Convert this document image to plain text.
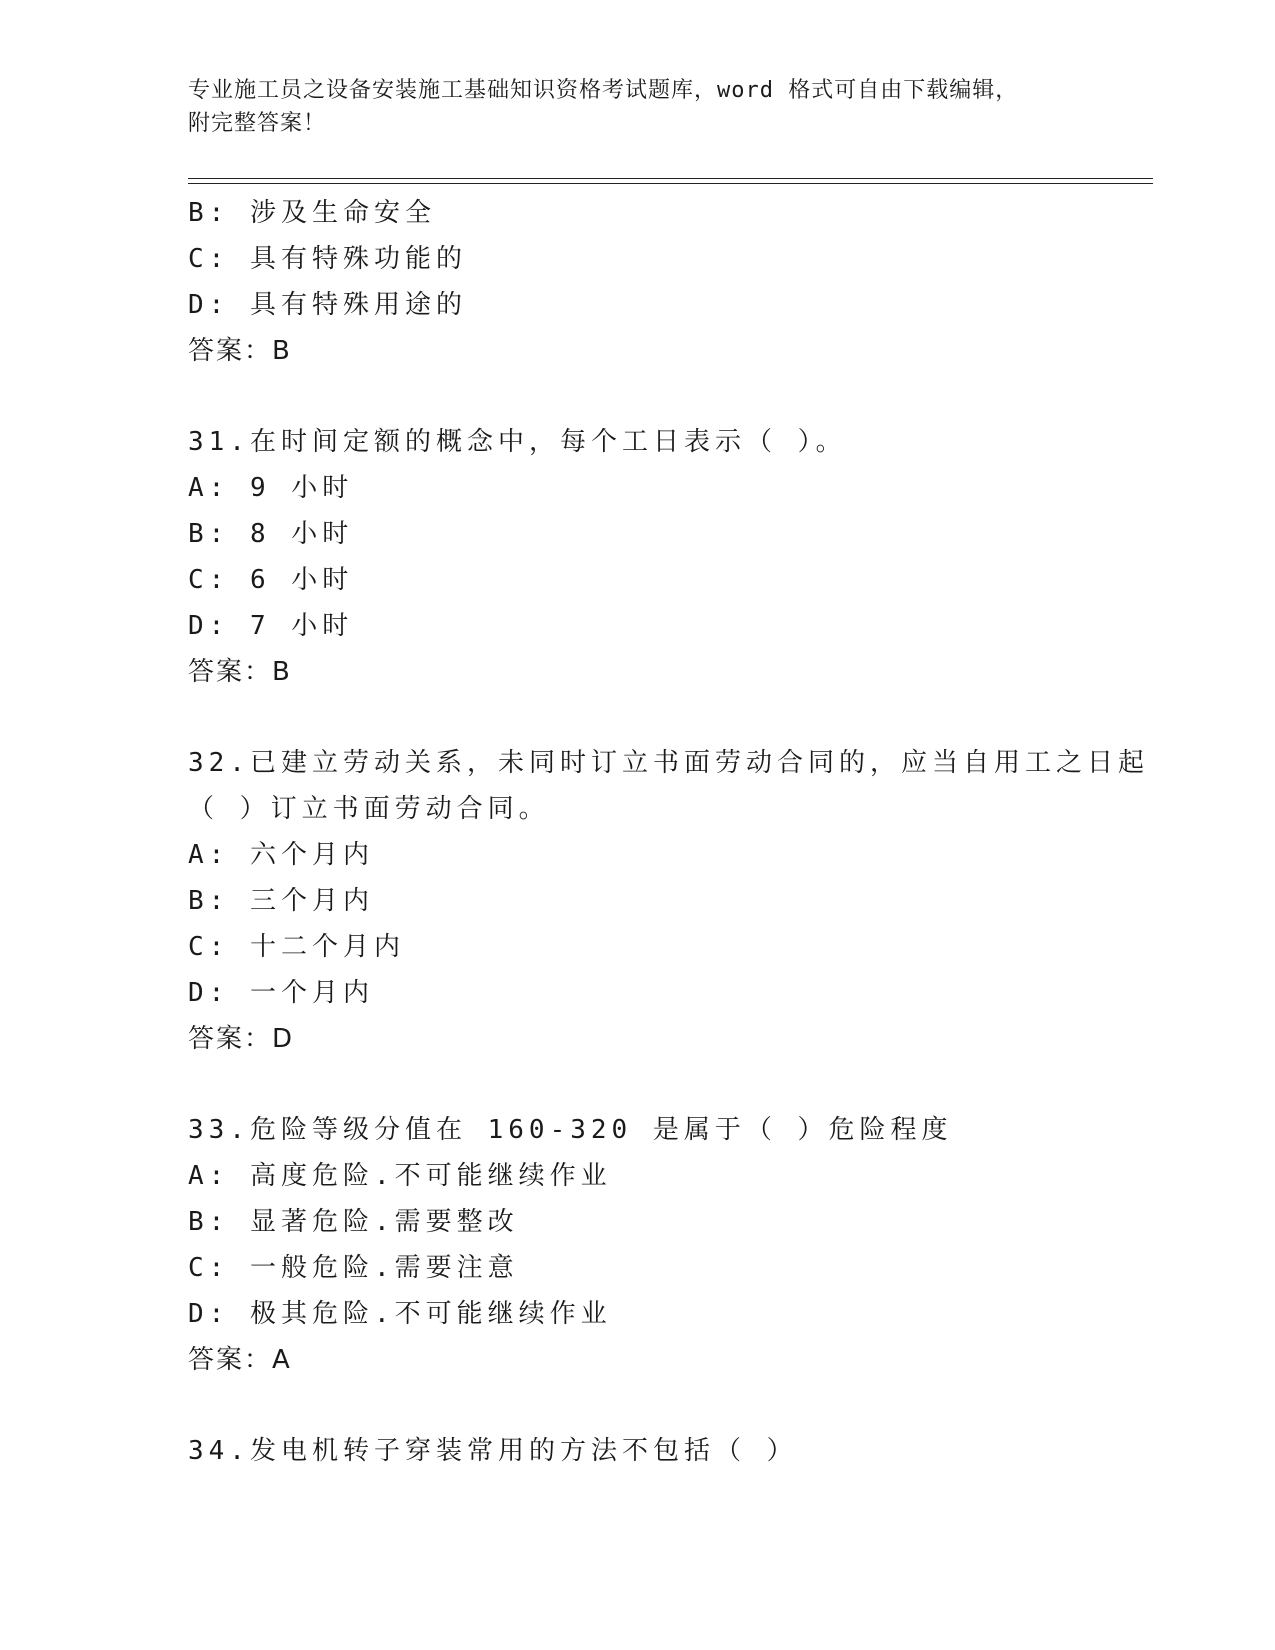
专业施工员之设备安装施工基础知识资格考试题库，word 格式可自由下载编辑，
附完整答案！
B: 涉及生命安全
C: 具有特殊功能的
D: 具有特殊用途的
答案：B
31.在时间定额的概念中，每个工日表示（ ）。
A: 9 小时
B: 8 小时
C: 6 小时
D: 7 小时
答案：B
32.已建立劳动关系，未同时订立书面劳动合同的，应当自用工之日起
（ ）订立书面劳动合同。
A: 六个月内
B: 三个月内
C: 十二个月内
D: 一个月内
答案：D
33.危险等级分值在 160-320 是属于（ ）危险程度
A: 高度危险.不可能继续作业
B: 显著危险.需要整改
C: 一般危险.需要注意
D: 极其危险.不可能继续作业
答案：A
34.发电机转子穿装常用的方法不包括（ ）
